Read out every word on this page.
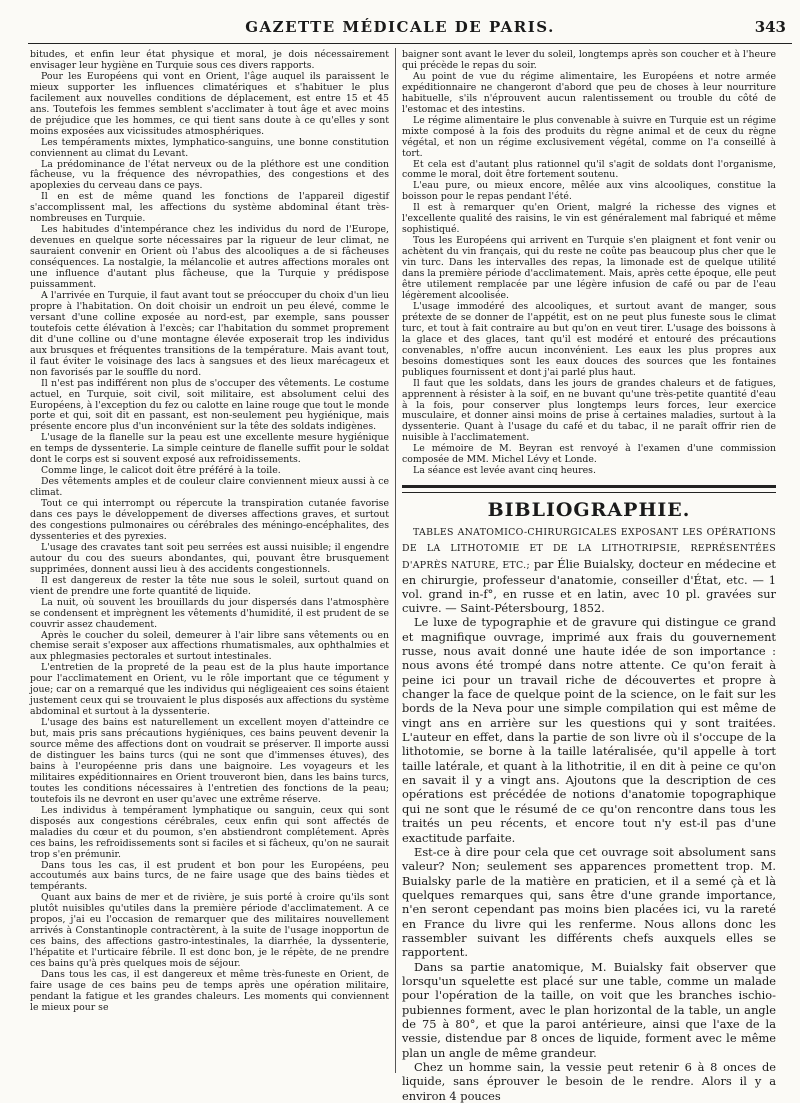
GAZETTE MÉDICALE DE PARIS.	343

bitudes, et enfin leur état physique et moral, je dois nécessairement envisager leur hygiène en Turquie sous ces divers rapports.

Pour les Européens qui vont en Orient, l'âge auquel ils paraissent le mieux supporter les influences climatériques et s'habituer le plus facilement aux nouvelles conditions de déplacement, est entre 15 et 45 ans. Toutefois les femmes semblent s'acclimater à tout âge et avec moins de préjudice que les hommes, ce qui tient sans doute à ce qu'elles y sont moins exposées aux vicissitudes atmosphériques.

Les tempéraments mixtes, lymphatico-sanguins, une bonne constitution conviennent au climat du Levant.

La prédominance de l'état nerveux ou de la pléthore est une condition fâcheuse, vu la fréquence des névropathies, des congestions et des apoplexies du cerveau dans ce pays.

Il en est de même quand les fonctions de l'appareil digestif s'accomplissent mal, les affections du système abdominal étant très-nombreuses en Turquie.

Les habitudes d'intempérance chez les individus du nord de l'Europe, devenues en quelque sorte nécessaires par la rigueur de leur climat, ne sauraient convenir en Orient où l'abus des alcooliques a de si fâcheuses conséquences. La nostalgie, la mélancolie et autres affections morales ont une influence d'autant plus fâcheuse, que la Turquie y prédispose puissamment.

A l'arrivée en Turquie, il faut avant tout se préoccuper du choix d'un lieu propre à l'habitation. On doit choisir un endroit un peu élevé, comme le versant d'une colline exposée au nord-est, par exemple, sans pousser toutefois cette élévation à l'excès; car l'habitation du sommet proprement dit d'une colline ou d'une montagne élevée exposerait trop les individus aux brusques et fréquentes transitions de la température. Mais avant tout, il faut éviter le voisinage des lacs à sangsues et des lieux marécageux et non favorisés par le souffle du nord.

Il n'est pas indifférent non plus de s'occuper des vêtements. Le costume actuel, en Turquie, soit civil, soit militaire, est absolument celui des Européens, à l'exception du fez ou calotte en laine rouge que tout le monde porte et qui, soit dit en passant, est non-seulement peu hygiénique, mais présente encore plus d'un inconvénient sur la tête des soldats indigènes.

L'usage de la flanelle sur la peau est une excellente mesure hygiénique en temps de dyssenterie. La simple ceinture de flanelle suffit pour le soldat dont le corps est si souvent exposé aux refroidissements.

Comme linge, le calicot doit être préféré à la toile.

Des vêtements amples et de couleur claire conviennent mieux aussi à ce climat.

Tout ce qui interrompt ou répercute la transpiration cutanée favorise dans ces pays le développement de diverses affections graves, et surtout des congestions pulmonaires ou cérébrales des méningo-encéphalites, des dyssenteries et des pyrexies.

L'usage des cravates tant soit peu serrées est aussi nuisible; il engendre autour du cou des sueurs abondantes, qui, pouvant être brusquement supprimées, donnent aussi lieu à des accidents congestionnels.

Il est dangereux de rester la tête nue sous le soleil, surtout quand on vient de prendre une forte quantité de liquide.

La nuit, où souvent les brouillards du jour dispersés dans l'atmosphère se condensent et imprègnent les vêtements d'humidité, il est prudent de se couvrir assez chaudement.

Après le coucher du soleil, demeurer à l'air libre sans vêtements ou en chemise serait s'exposer aux affections rhumatismales, aux ophthalmies et aux phlegmasies pectorales et surtout intestinales.

L'entretien de la propreté de la peau est de la plus haute importance pour l'acclimatement en Orient, vu le rôle important que ce tégument y joue; car on a remarqué que les individus qui négligeaient ces soins étaient justement ceux qui se trouvaient le plus disposés aux affections du système abdominal et surtout à la dyssenterie.

L'usage des bains est naturellement un excellent moyen d'atteindre ce but, mais pris sans précautions hygiéniques, ces bains peuvent devenir la source même des affections dont on voudrait se préserver. Il importe aussi de distinguer les bains turcs (qui ne sont que d'immenses étuves), des bains à l'européenne pris dans une baignoire. Les voyageurs et les militaires expéditionnaires en Orient trouveront bien, dans les bains turcs, toutes les conditions nécessaires à l'entretien des fonctions de la peau; toutefois ils ne devront en user qu'avec une extrême réserve.

Les individus à tempérament lymphatique ou sanguin, ceux qui sont disposés aux congestions cérébrales, ceux enfin qui sont affectés de maladies du cœur et du poumon, s'en abstiendront complétement. Après ces bains, les refroidissements sont si faciles et si fâcheux, qu'on ne saurait trop s'en prémunir.

Dans tous les cas, il est prudent et bon pour les Européens, peu accoutumés aux bains turcs, de ne faire usage que des bains tièdes et tempérants.

Quant aux bains de mer et de rivière, je suis porté à croire qu'ils sont plutôt nuisibles qu'utiles dans la première période d'acclimatement. A ce propos, j'ai eu l'occasion de remarquer que des militaires nouvellement arrivés à Constantinople contractèrent, à la suite de l'usage inopportun de ces bains, des affections gastro-intestinales, la diarrhée, la dyssenterie, l'hépatite et l'urticaire fébrile. Il est donc bon, je le répète, de ne prendre ces bains qu'à près quelques mois de séjour.

Dans tous les cas, il est dangereux et même très-funeste en Orient, de faire usage de ces bains peu de temps après une opération militaire, pendant la fatigue et les grandes chaleurs. Les moments qui conviennent le mieux pour se

baigner sont avant le lever du soleil, longtemps après son coucher et à l'heure qui précède le repas du soir.

Au point de vue du régime alimentaire, les Européens et notre armée expéditionnaire ne changeront d'abord que peu de choses à leur nourriture habituelle, s'ils n'éprouvent aucun ralentissement ou trouble du côté de l'estomac et des intestins.

Le régime alimentaire le plus convenable à suivre en Turquie est un régime mixte composé à la fois des produits du règne animal et de ceux du règne végétal, et non un régime exclusivement végétal, comme on l'a conseillé à tort.

Et cela est d'autant plus rationnel qu'il s'agit de soldats dont l'organisme, comme le moral, doit être fortement soutenu.

L'eau pure, ou mieux encore, mêlée aux vins alcooliques, constitue la boisson pour le repas pendant l'été.

Il est à remarquer qu'en Orient, malgré la richesse des vignes et l'excellente qualité des raisins, le vin est généralement mal fabriqué et même sophistiqué.

Tous les Européens qui arrivent en Turquie s'en plaignent et font venir ou achètent du vin français, qui du reste ne coûte pas beaucoup plus cher que le vin turc. Dans les intervalles des repas, la limonade est de quelque utilité dans la première période d'acclimatement. Mais, après cette époque, elle peut être utilement remplacée par une légère infusion de café ou par de l'eau légèrement alcoolisée.

L'usage immodéré des alcooliques, et surtout avant de manger, sous prétexte de se donner de l'appétit, est on ne peut plus funeste sous le climat turc, et tout à fait contraire au but qu'on en veut tirer. L'usage des boissons à la glace et des glaces, tant qu'il est modéré et entouré des précautions convenables, n'offre aucun inconvénient. Les eaux les plus propres aux besoins domestiques sont les eaux douces des sources que les fontaines publiques fournissent et dont j'ai parlé plus haut.

Il faut que les soldats, dans les jours de grandes chaleurs et de fatigues, apprennent à résister à la soif, en ne buvant qu'une très-petite quantité d'eau à la fois, pour conserver plus longtemps leurs forces, leur exercice musculaire, et donner ainsi moins de prise à certaines maladies, surtout à la dyssenterie. Quant à l'usage du café et du tabac, il ne paraît offrir rien de nuisible à l'acclimatement.

Le mémoire de M. Beyran est renvoyé à l'examen d'une commission composée de MM. Michel Lévy et Londe.

La séance est levée avant cinq heures.

BIBLIOGRAPHIE.

TABLES ANATOMICO-CHIRURGICALES EXPOSANT LES OPÉRATIONS DE LA LITHOTOMIE ET DE LA LITHOTRIPSIE, REPRÉSENTÉES D'APRÈS NATURE, ETC.; par Élie Buialsky, docteur en médecine et en chirurgie, professeur d'anatomie, conseiller d'État, etc. — 1 vol. grand in-f°, en russe et en latin, avec 10 pl. gravées sur cuivre. — Saint-Pétersbourg, 1852.

Le luxe de typographie et de gravure qui distingue ce grand et magnifique ouvrage, imprimé aux frais du gouvernement russe, nous avait donné une haute idée de son importance : nous avons été trompé dans notre attente. Ce qu'on ferait à peine ici pour un travail riche de découvertes et propre à changer la face de quelque point de la science, on le fait sur les bords de la Neva pour une simple compilation qui est même de vingt ans en arrière sur les questions qui y sont traitées. L'auteur en effet, dans la partie de son livre où il s'occupe de la lithotomie, se borne à la taille latéralisée, qu'il appelle à tort taille latérale, et quant à la lithotritie, il en dit à peine ce qu'on en savait il y a vingt ans. Ajoutons que la description de ces opérations est précédée de notions d'anatomie topographique qui ne sont que le résumé de ce qu'on rencontre dans tous les traités un peu récents, et encore tout n'y est-il pas d'une exactitude parfaite.

Est-ce à dire pour cela que cet ouvrage soit absolument sans valeur? Non; seulement ses apparences promettent trop. M. Buialsky parle de la matière en praticien, et il a semé çà et là quelques remarques qui, sans être d'une grande importance, n'en seront cependant pas moins bien placées ici, vu la rareté en France du livre qui les renferme. Nous allons donc les rassembler suivant les différents chefs auxquels elles se rapportent.

Dans sa partie anatomique, M. Buialsky fait observer que lorsqu'un squelette est placé sur une table, comme un malade pour l'opération de la taille, on voit que les branches ischio-pubiennes forment, avec le plan horizontal de la table, un angle de 75 à 80°, et que la paroi antérieure, ainsi que l'axe de la vessie, distendue par 8 onces de liquide, forment avec le même plan un angle de même grandeur.

Chez un homme sain, la vessie peut retenir 6 à 8 onces de liquide, sans éprouver le besoin de le rendre. Alors il y a environ 4 pouces
